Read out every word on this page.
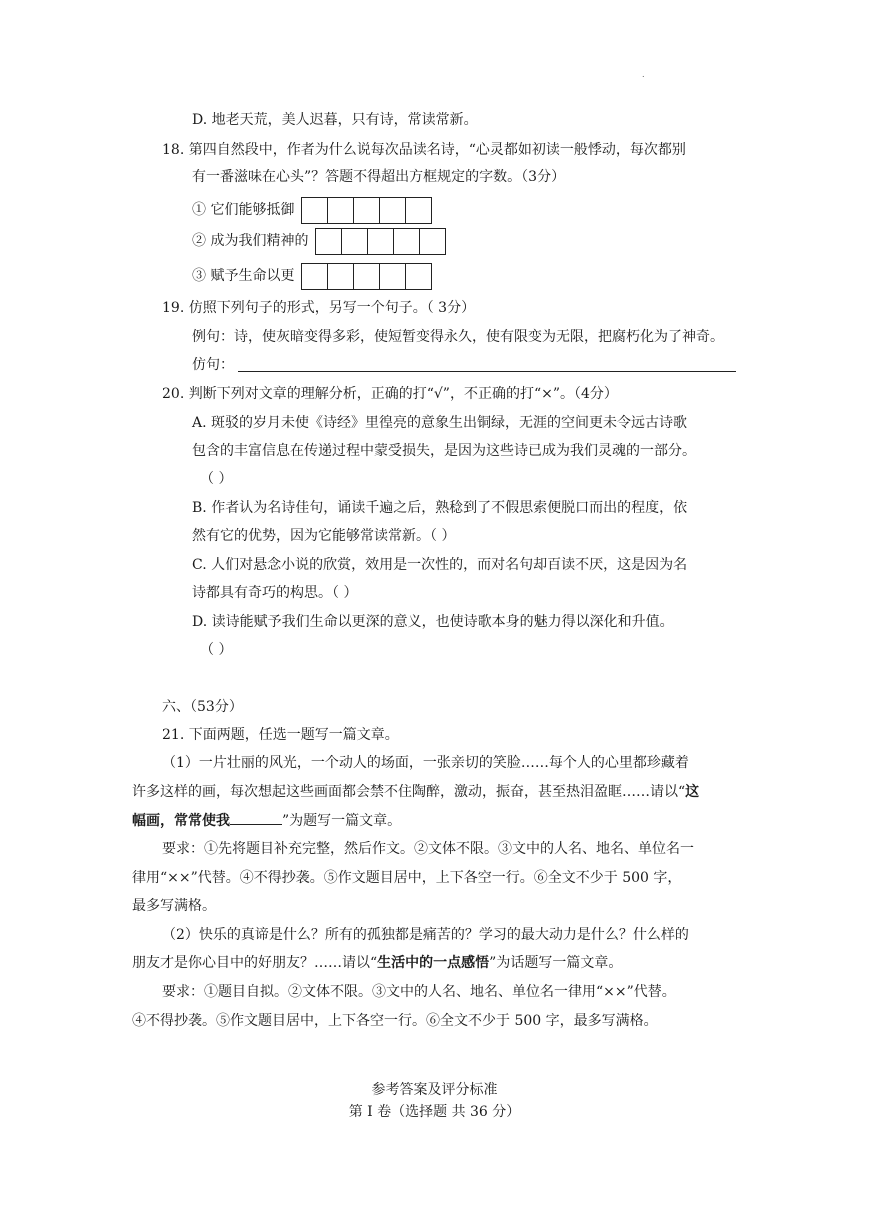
.
D. 地老天荒，美人迟暮，只有诗，常读常新。
18. 第四自然段中，作者为什么说每次品读名诗，“心灵都如初读一般悸动，每次都别
有一番滋味在心头”？答题不得超出方框规定的字数。（3分）
① 它们能够抵御
② 成为我们精神的
③ 赋予生命以更
19. 仿照下列句子的形式，另写一个句子。（ 3分）
例句：诗，使灰暗变得多彩，使短暂变得永久，使有限变为无限，把腐朽化为了神奇。
仿句：
20. 判断下列对文章的理解分析，正确的打“√”，不正确的打“×”。（4分）
A. 斑驳的岁月未使《诗经》里徨亮的意象生出铜绿，无涯的空间更未令远古诗歌
包含的丰富信息在传递过程中蒙受损失，是因为这些诗已成为我们灵魂的一部分。
（ ）
B. 作者认为名诗佳句，诵读千遍之后，熟稔到了不假思索便脱口而出的程度，依
然有它的优势，因为它能够常读常新。（ ）
C. 人们对悬念小说的欣赏，效用是一次性的，而对名句却百读不厌，这是因为名
诗都具有奇巧的构思。（ ）
D. 读诗能赋予我们生命以更深的意义，也使诗歌本身的魅力得以深化和升值。
（ ）
六、（53分）
21. 下面两题，任选一题写一篇文章。
（1）一片壮丽的风光，一个动人的场面，一张亲切的笑脸……每个人的心里都珍藏着
许多这样的画，每次想起这些画面都会禁不住陶醉，激动，振奋，甚至热泪盈眶……请以“这
幅画，常常使我	”为题写一篇文章。
要求：①先将题目补充完整，然后作文。②文体不限。③文中的人名、地名、单位名一
律用“××”代替。④不得抄袭。⑤作文题目居中，上下各空一行。⑥全文不少于 500 字，
最多写满格。
（2）快乐的真谛是什么？所有的孤独都是痛苦的？学习的最大动力是什么？什么样的
朋友才是你心目中的好朋友？……请以“生活中的一点感悟”为话题写一篇文章。
要求：①题目自拟。②文体不限。③文中的人名、地名、单位名一律用“××”代替。
④不得抄袭。⑤作文题目居中，上下各空一行。⑥全文不少于 500 字，最多写满格。
参考答案及评分标准
第 I 卷（选择题 共 36 分）
